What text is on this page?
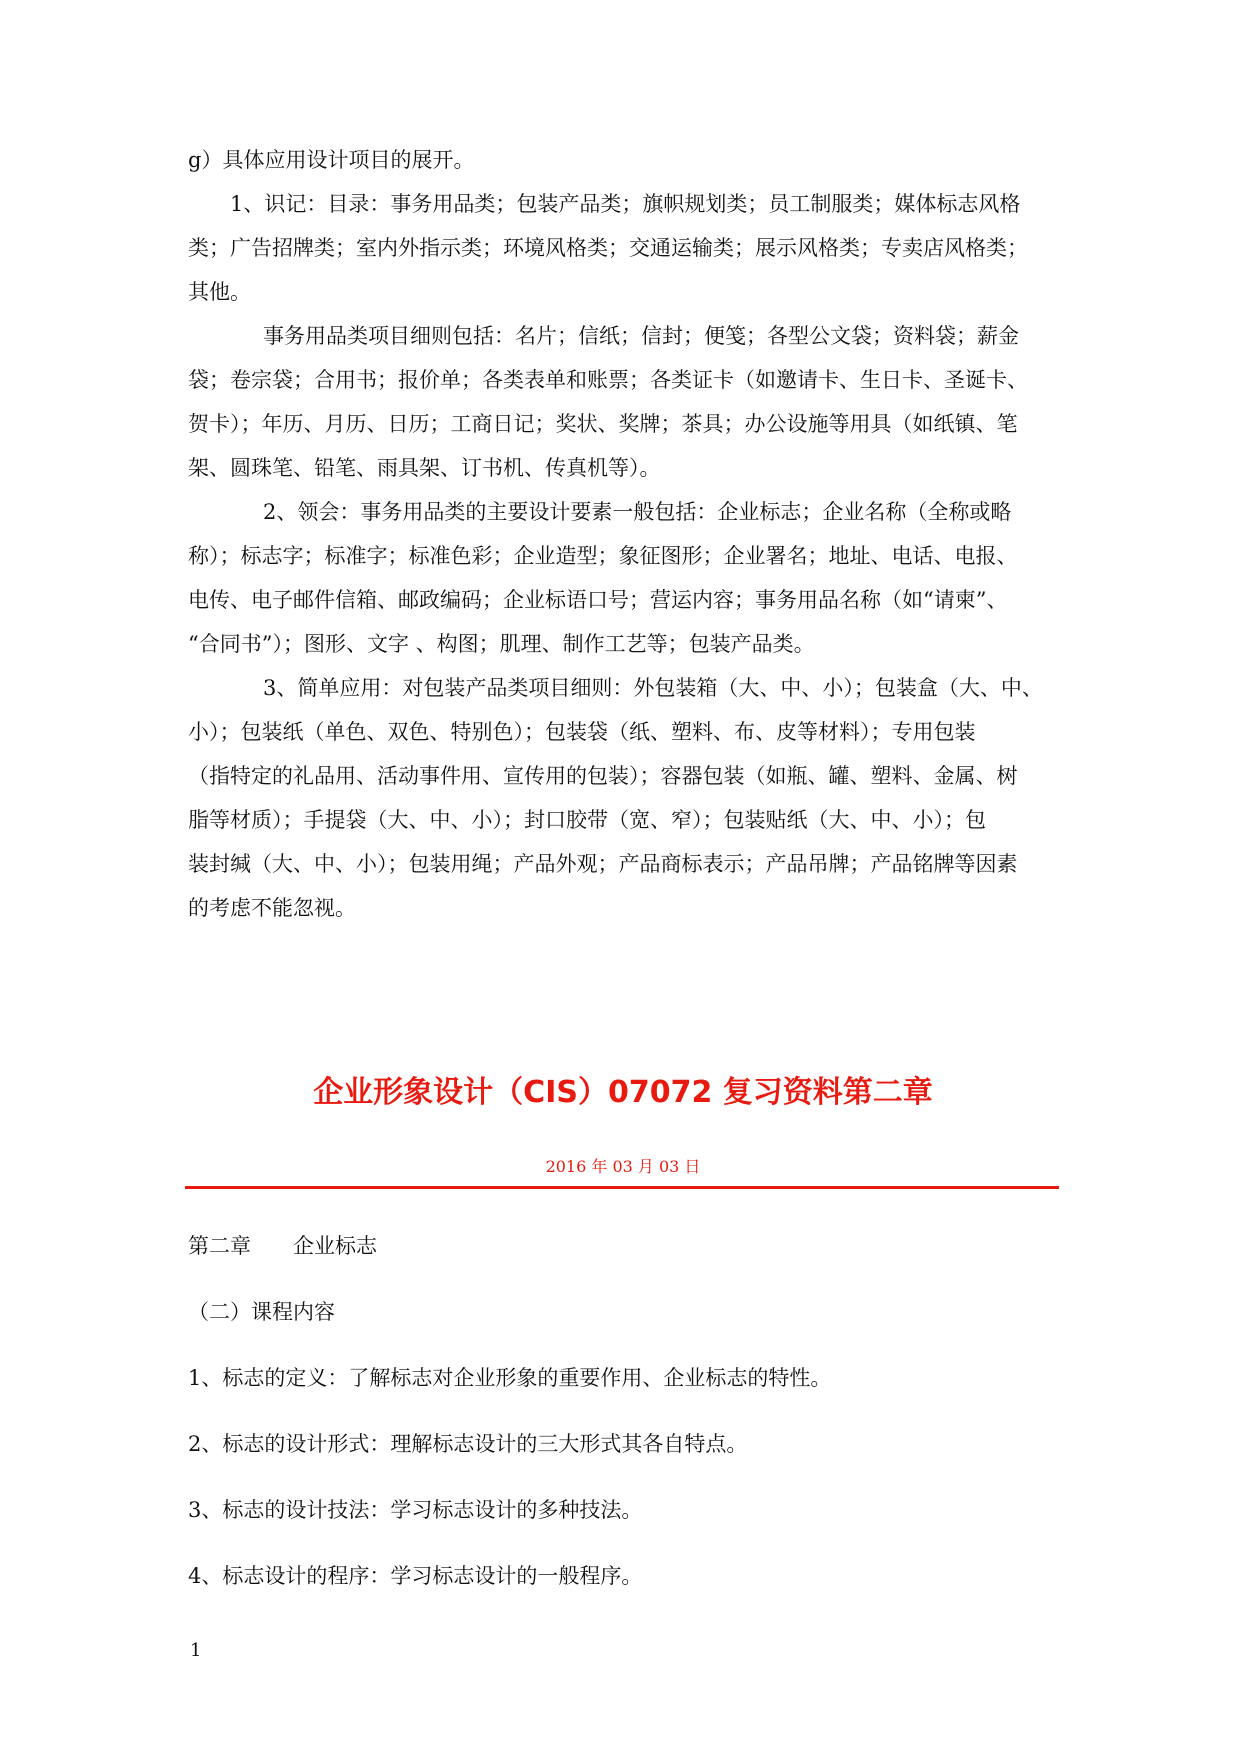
g）具体应用设计项目的展开。
1、识记：目录：事务用品类；包装产品类；旗帜规划类；员工制服类；媒体标志风格
类；广告招牌类；室内外指示类；环境风格类；交通运输类；展示风格类；专卖店风格类；
其他。
事务用品类项目细则包括：名片；信纸；信封；便笺；各型公文袋；资料袋；薪金
袋；卷宗袋；合用书；报价单；各类表单和账票；各类证卡（如邀请卡、生日卡、圣诞卡、
贺卡）；年历、月历、日历；工商日记；奖状、奖牌；茶具；办公设施等用具（如纸镇、笔
架、圆珠笔、铅笔、雨具架、订书机、传真机等）。
2、领会：事务用品类的主要设计要素一般包括：企业标志；企业名称（全称或略
称）；标志字；标准字；标准色彩；企业造型；象征图形；企业署名；地址、电话、电报、
电传、电子邮件信箱、邮政编码；企业标语口号；营运内容；事务用品名称（如“请柬”、
“合同书”）；图形、文字 、构图；肌理、制作工艺等；包装产品类。
3、简单应用：对包装产品类项目细则：外包装箱（大、中、小）；包装盒（大、中、
小）；包装纸（单色、双色、特别色）；包装袋（纸、塑料、布、皮等材料）；专用包装
（指特定的礼品用、活动事件用、宣传用的包装）；容器包装（如瓶、罐、塑料、金属、树
脂等材质）；手提袋（大、中、小）；封口胶带（宽、窄）；包装贴纸（大、中、小）；包
装封缄（大、中、小）；包装用绳；产品外观；产品商标表示；产品吊牌；产品铭牌等因素
的考虑不能忽视。
企业形象设计（CIS）07072 复习资料第二章
2016 年 03 月 03 日
第二章　　企业标志
（二）课程内容
1、标志的定义：了解标志对企业形象的重要作用、企业标志的特性。
2、标志的设计形式：理解标志设计的三大形式其各自特点。
3、标志的设计技法：学习标志设计的多种技法。
4、标志设计的程序：学习标志设计的一般程序。
1
